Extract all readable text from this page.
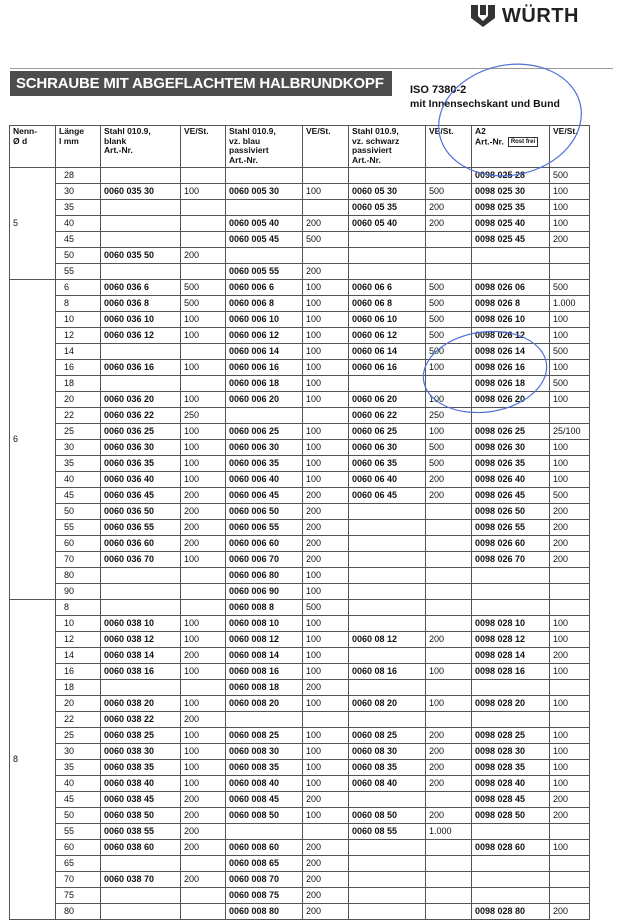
WÜRTH
SCHRAUBE MIT ABGEFLACHTEM HALBRUNDKOPF	ISO 7380-2
mit Innensechskant und Bund
Nenn-
Ø d	Länge
l mm	Stahl 010.9,
blank
Art.-Nr.	VE/St.	Stahl 010.9,
vz. blau
passiviert
Art.-Nr.	VE/St.	Stahl 010.9,
vz. schwarz
passiviert
Art.-Nr.	VE/St.	A2
Art.-Nr. Rost frei	VE/St.
5	28							0098 025 28	500
	30	0060 035 30	100	0060 005 30	100	0060 05 30	500	0098 025 30	100
	35					0060 05 35	200	0098 025 35	100
	40			0060 005 40	200	0060 05 40	200	0098 025 40	100
	45			0060 005 45	500			0098 025 45	200
	50	0060 035 50	200						
	55			0060 005 55	200				
6	6	0060 036 6	500	0060 006 6	100	0060 06 6	500	0098 026 06	500
	8	0060 036 8	500	0060 006 8	100	0060 06 8	500	0098 026 8	1.000
	10	0060 036 10	100	0060 006 10	100	0060 06 10	500	0098 026 10	100
	12	0060 036 12	100	0060 006 12	100	0060 06 12	500	0098 026 12	100
	14			0060 006 14	100	0060 06 14	500	0098 026 14	500
	16	0060 036 16	100	0060 006 16	100	0060 06 16	100	0098 026 16	100
	18			0060 006 18	100			0098 026 18	500
	20	0060 036 20	100	0060 006 20	100	0060 06 20	100	0098 026 20	100
	22	0060 036 22	250			0060 06 22	250		
	25	0060 036 25	100	0060 006 25	100	0060 06 25	100	0098 026 25	25/100
	30	0060 036 30	100	0060 006 30	100	0060 06 30	500	0098 026 30	100
	35	0060 036 35	100	0060 006 35	100	0060 06 35	500	0098 026 35	100
	40	0060 036 40	100	0060 006 40	100	0060 06 40	200	0098 026 40	100
	45	0060 036 45	200	0060 006 45	200	0060 06 45	200	0098 026 45	500
	50	0060 036 50	200	0060 006 50	200			0098 026 50	200
	55	0060 036 55	200	0060 006 55	200			0098 026 55	200
	60	0060 036 60	200	0060 006 60	200			0098 026 60	200
	70	0060 036 70	100	0060 006 70	200			0098 026 70	200
	80			0060 006 80	100				
	90			0060 006 90	100				
8	8			0060 008 8	500				
	10	0060 038 10	100	0060 008 10	100			0098 028 10	100
	12	0060 038 12	100	0060 008 12	100	0060 08 12	200	0098 028 12	100
	14	0060 038 14	200	0060 008 14	100			0098 028 14	200
	16	0060 038 16	100	0060 008 16	100	0060 08 16	100	0098 028 16	100
	18			0060 008 18	200				
	20	0060 038 20	100	0060 008 20	100	0060 08 20	100	0098 028 20	100
	22	0060 038 22	200						
	25	0060 038 25	100	0060 008 25	100	0060 08 25	200	0098 028 25	100
	30	0060 038 30	100	0060 008 30	100	0060 08 30	200	0098 028 30	100
	35	0060 038 35	100	0060 008 35	100	0060 08 35	200	0098 028 35	100
	40	0060 038 40	100	0060 008 40	100	0060 08 40	200	0098 028 40	100
	45	0060 038 45	200	0060 008 45	200			0098 028 45	200
	50	0060 038 50	200	0060 008 50	100	0060 08 50	200	0098 028 50	200
	55	0060 038 55	200			0060 08 55	1.000		
	60	0060 038 60	200	0060 008 60	200			0098 028 60	100
	65			0060 008 65	200				
	70	0060 038 70	200	0060 008 70	200				
	75			0060 008 75	200				
	80			0060 008 80	200			0098 028 80	200
